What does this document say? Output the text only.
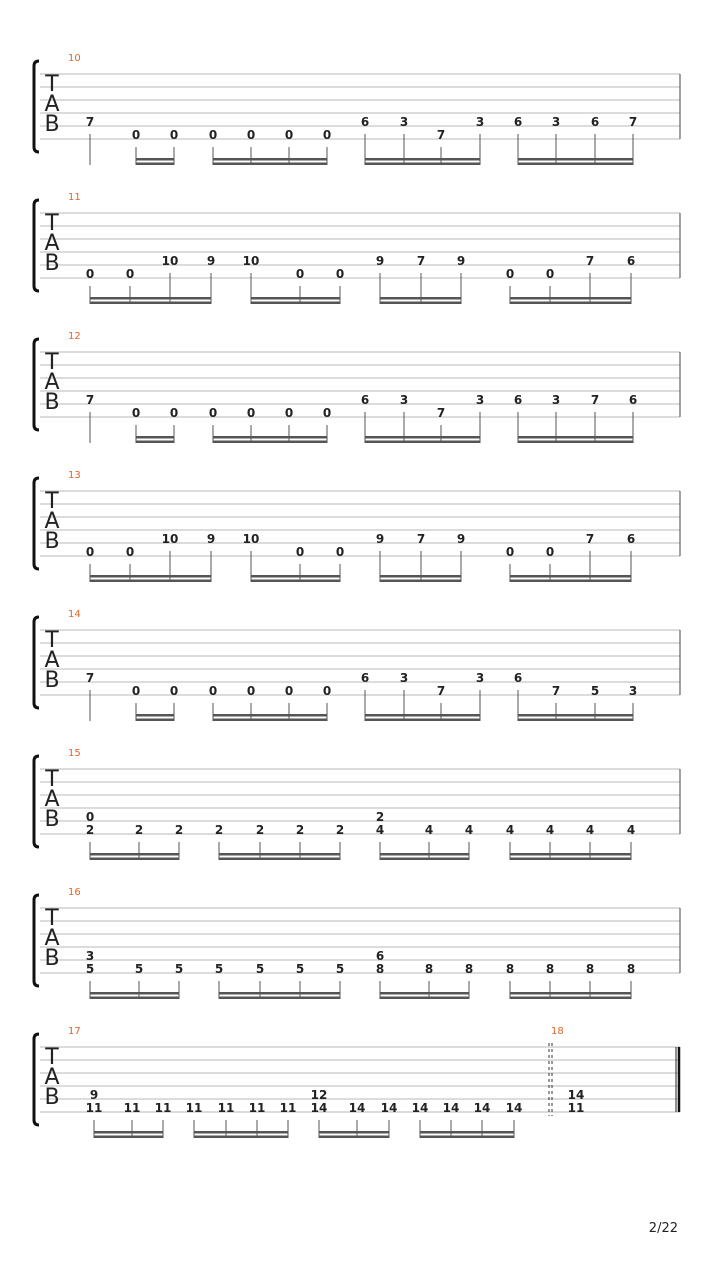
T
A
B
10
7
0 0	0 0 0 0
6	3
7
3 6 3	6 7
T
A
B
11
0	0
10 9 10
0	0
9	7	9
0	0
7	6
T
A
B
12
7
0 0	0 0 0 0
6	3
7
3 6 3	7 6
T
A
B
13
0	0
10 9 10
0	0
9	7	9
0	0
7	6
T
A
B
14
7
0 0	0 0 0 0
6	3
7
3 6
7	5 3
T
A
B
15
0
2	2	2	2	2	2	2
2
4	4	4	4	4	4	4
T
A
B
16
3
5	5	5	5	5	5	5
6
8	8	8	8	8	8	8
T
A
B
17
9
11 11 11 11 11 11 11
12
14 14 14 14 14 14 14
18
14
11
2/22
